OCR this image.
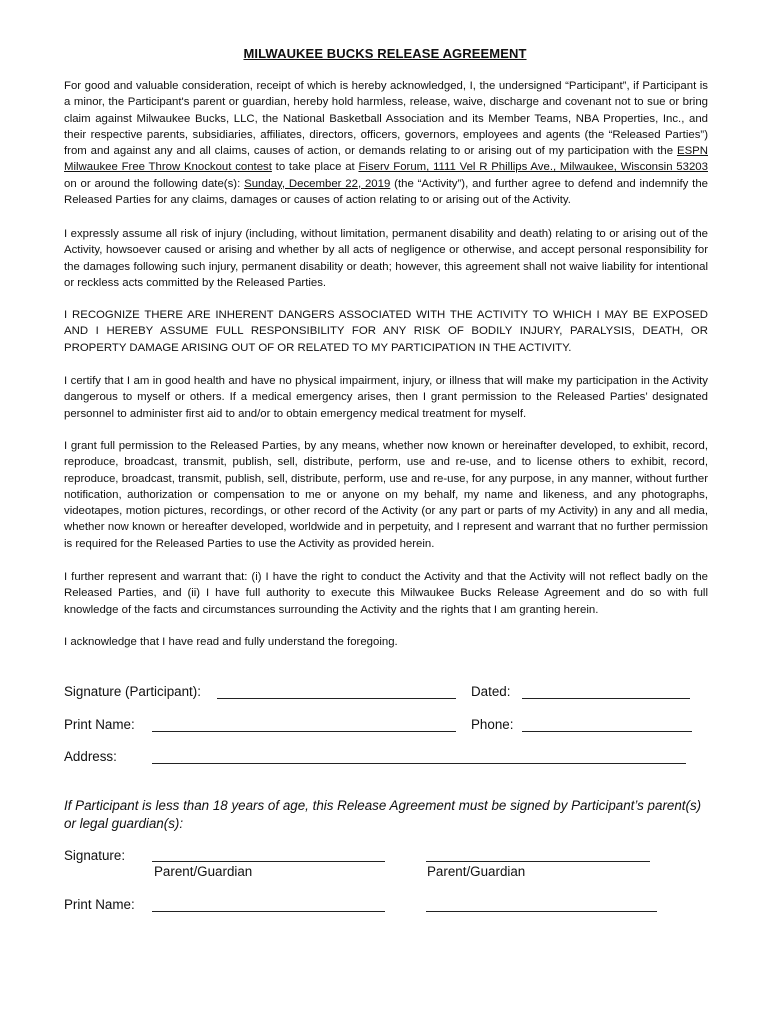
MILWAUKEE BUCKS RELEASE AGREEMENT

For good and valuable consideration, receipt of which is hereby acknowledged, I, the undersigned “Participant”, if Participant is a minor, the Participant's parent or guardian, hereby hold harmless, release, waive, discharge and covenant not to sue or bring claim against Milwaukee Bucks, LLC, the National Basketball Association and its Member Teams, NBA Properties, Inc., and their respective parents, subsidiaries, affiliates, directors, officers, governors, employees and agents (the “Released Parties”) from and against any and all claims, causes of action, or demands relating to or arising out of my participation with the ESPN Milwaukee Free Throw Knockout contest to take place at Fiserv Forum, 1111 Vel R Phillips Ave., Milwaukee, Wisconsin 53203 on or around the following date(s): Sunday, December 22, 2019 (the “Activity”), and further agree to defend and indemnify the Released Parties for any claims, damages or causes of action relating to or arising out of the Activity.

I expressly assume all risk of injury (including, without limitation, permanent disability and death) relating to or arising out of the Activity, howsoever caused or arising and whether by all acts of negligence or otherwise, and accept personal responsibility for the damages following such injury, permanent disability or death; however, this agreement shall not waive liability for intentional or reckless acts committed by the Released Parties.

I RECOGNIZE THERE ARE INHERENT DANGERS ASSOCIATED WITH THE ACTIVITY TO WHICH I MAY BE EXPOSED AND I HEREBY ASSUME FULL RESPONSIBILITY FOR ANY RISK OF BODILY INJURY, PARALYSIS, DEATH, OR PROPERTY DAMAGE ARISING OUT OF OR RELATED TO MY PARTICIPATION IN THE ACTIVITY.

I certify that I am in good health and have no physical impairment, injury, or illness that will make my participation in the Activity dangerous to myself or others. If a medical emergency arises, then I grant permission to the Released Parties’ designated personnel to administer first aid to and/or to obtain emergency medical treatment for myself.

I grant full permission to the Released Parties, by any means, whether now known or hereinafter developed, to exhibit, record, reproduce, broadcast, transmit, publish, sell, distribute, perform, use and re-use, and to license others to exhibit, record, reproduce, broadcast, transmit, publish, sell, distribute, perform, use and re-use, for any purpose, in any manner, without further notification, authorization or compensation to me or anyone on my behalf, my name and likeness, and any photographs, videotapes, motion pictures, recordings, or other record of the Activity (or any part or parts of my Activity) in any and all media, whether now known or hereafter developed, worldwide and in perpetuity, and I represent and warrant that no further permission is required for the Released Parties to use the Activity as provided herein.

I further represent and warrant that: (i) I have the right to conduct the Activity and that the Activity will not reflect badly on the Released Parties, and (ii) I have full authority to execute this Milwaukee Bucks Release Agreement and do so with full knowledge of the facts and circumstances surrounding the Activity and the rights that I am granting herein.

I acknowledge that I have read and fully understand the foregoing.

Signature (Participant):	Dated:
Print Name:	Phone:
Address:

If Participant is less than 18 years of age, this Release Agreement must be signed by Participant’s parent(s) or legal guardian(s):

Signature:
Parent/Guardian	Parent/Guardian
Print Name:
